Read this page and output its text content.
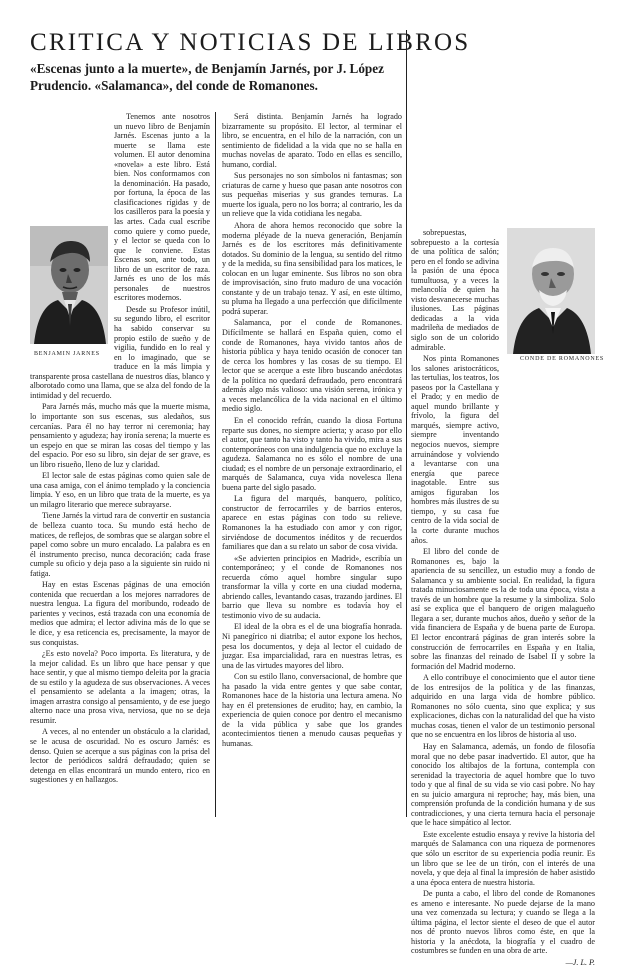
CRITICA Y NOTICIAS DE LIBROS
«Escenas junto a la muerte», de Benjamín Jarnés, por J. López Prudencio. «Salamanca», del conde de Romanones.

Tenemos ante nosotros un nuevo libro de Benjamín Jarnés. Escenas junto a la muerte se llama este volumen. El autor denomina «novela» a este libro. Está bien. Nos conformamos con la denominación. Ha pasado, por fortuna, la época de las clasificaciones rígidas y de los casilleros para la poesía y las artes. Cada cual escribe como quiere y como puede, y el lector se queda con lo que le conviene. Estas Escenas son, ante todo, un libro de un escritor de raza. Jarnés es uno de los más personales de nuestros escritores modernos.

Desde su Profesor inútil, su segundo libro, el escritor ha sabido conservar su propio estilo de sueño y de vigilia, fundido en lo real y en lo imaginado, que se traduce en la más limpia y transparente prosa castellana de nuestros días, blanco y alborotado como una llama, que se alza del fondo de la intimidad y del recuerdo.

Para Jarnés más, mucho más que la muerte misma, lo importante son sus escenas, sus aledaños, sus cercanías. Para él no hay terror ni ceremonia; hay pensamiento y agudeza; hay ironía serena; la muerte es un espejo en que se miran las cosas del tiempo y las del espacio. Por eso su libro, sin dejar de ser grave, es un libro risueño, lleno de luz y claridad.

El lector sale de estas páginas como quien sale de una casa amiga, con el ánimo templado y la conciencia limpia. Y eso, en un libro que trata de la muerte, es ya un milagro literario que merece subrayarse.

Tiene Jarnés la virtud rara de convertir en sustancia de belleza cuanto toca. Su mundo está hecho de matices, de reflejos, de sombras que se alargan sobre el papel como sobre un muro encalado. La palabra es en él instrumento preciso, nunca decoración; cada frase cumple su oficio y deja paso a la siguiente sin ruido ni fatiga.

Hay en estas Escenas páginas de una emoción contenida que recuerdan a los mejores narradores de nuestra lengua. La figura del moribundo, rodeado de parientes y vecinos, está trazada con una economía de medios que admira; el lector adivina más de lo que se le dice, y esa reticencia es, precisamente, la mayor de sus conquistas.

¿Es esto novela? Poco importa. Es literatura, y de la mejor calidad. Es un libro que hace pensar y que hace sentir, y que al mismo tiempo deleita por la gracia de su estilo y la agudeza de sus observaciones. A veces el pensamiento se adelanta a la imagen; otras, la imagen arrastra consigo al pensamiento, y de ese juego alterno nace una prosa viva, nerviosa, que no se deja resumir.

A veces, al no entender un obstáculo a la claridad, se le acusa de oscuridad. No es oscuro Jarnés: es denso. Quien se acerque a sus páginas con la prisa del lector de periódicos saldrá defraudado; quien se detenga en ellas encontrará un mundo entero, rico en sugestiones y en hallazgos.

Será distinta. Benjamín Jarnés ha logrado bizarramente su propósito. El lector, al terminar el libro, se encuentra, en el hilo de la narración, con un sentimiento de fidelidad a la vida que no se halla en muchas novelas de aparato. Todo en ellas es sencillo, humano, cordial.

Sus personajes no son símbolos ni fantasmas; son criaturas de carne y hueso que pasan ante nosotros con sus pequeñas miserias y sus grandes ternuras. La muerte los iguala, pero no los borra; al contrario, les da un relieve que la vida cotidiana les negaba.

Ahora de ahora hemos reconocido que sobre la moderna pléyade de la nueva generación, Benjamín Jarnés es de los escritores más definitivamente dotados. Su dominio de la lengua, su sentido del ritmo y de la medida, su fina sensibilidad para los matices, le colocan en un lugar eminente. Sus libros no son obra de improvisación, sino fruto maduro de una vocación constante y de un trabajo tenaz. Y así, en este último, su pluma ha llegado a una perfección que difícilmente podrá superar.

Salamanca, por el conde de Romanones. Difícilmente se hallará en España quien, como el conde de Romanones, haya vivido tantos años de historia pública y haya tenido ocasión de conocer tan de cerca los hombres y las cosas de su tiempo. El lector que se acerque a este libro buscando anécdotas de la política no quedará defraudado, pero encontrará además algo más valioso: una visión serena, irónica y a veces melancólica de la vida nacional en el último medio siglo.

En el conocido refrán, cuando la diosa Fortuna reparte sus dones, no siempre acierta; y acaso por ello el autor, que tanto ha visto y tanto ha vivido, mira a sus contemporáneos con una indulgencia que no excluye la agudeza. Salamanca no es sólo el nombre de una ciudad; es el nombre de un personaje extraordinario, el marqués de Salamanca, cuya vida novelesca llena buena parte del siglo pasado.

La figura del marqués, banquero, político, constructor de ferrocarriles y de barrios enteros, aparece en estas páginas con todo su relieve. Romanones la ha estudiado con amor y con rigor, sirviéndose de documentos inéditos y de recuerdos familiares que dan a su relato un sabor de cosa vivida.

«Se advierten principios en Madrid», escribía un contemporáneo; y el conde de Romanones nos recuerda cómo aquel hombre singular supo transformar la villa y corte en una ciudad moderna, abriendo calles, levantando casas, trazando jardines. El barrio que lleva su nombre es todavía hoy el testimonio vivo de su audacia.

El ideal de la obra es el de una biografía honrada. Ni panegírico ni diatriba; el autor expone los hechos, pesa los documentos, y deja al lector el cuidado de juzgar. Esa imparcialidad, rara en nuestras letras, es una de las virtudes mayores del libro.

Con su estilo llano, conversacional, de hombre que ha pasado la vida entre gentes y que sabe contar, Romanones hace de la historia una lectura amena. No hay en él pretensiones de erudito; hay, en cambio, la experiencia de quien conoce por dentro el mecanismo de la vida pública y sabe que los grandes acontecimientos tienen a menudo causas pequeñas y humanas.

sobrepuestas, sobrepuesto a la cortesía de una política de salón; pero en el fondo se adivina la pasión de una época tumultuosa, y a veces la melancolía de quien ha visto desvanecerse muchas ilusiones. Las páginas dedicadas a la vida madrileña de mediados de siglo son de un colorido admirable.

Nos pinta Romanones los salones aristocráticos, las tertulias, los teatros, los paseos por la Castellana y el Prado; y en medio de aquel mundo brillante y frívolo, la figura del marqués, siempre activo, siempre inventando negocios nuevos, siempre arruinándose y volviendo a levantarse con una energía que parece inagotable. Entre sus amigos figuraban los hombres más ilustres de su tiempo, y su casa fue centro de la vida social de la corte durante muchos años.

El libro del conde de Romanones es, bajo la apariencia de su sencillez, un estudio muy a fondo de Salamanca y su ambiente social. En realidad, la figura tratada minuciosamente es la de toda una época, vista a través de un hombre que la resume y la simboliza. Solo así se explica que el banquero de origen malagueño llegara a ser, durante muchos años, dueño y señor de la vida financiera de España y de buena parte de Europa. El lector encontrará páginas de gran interés sobre la construcción de ferrocarriles en España y en Italia, sobre las finanzas del reinado de Isabel II y sobre la formación del Madrid moderno.

A ello contribuye el conocimiento que el autor tiene de los entresijos de la política y de las finanzas, adquirido en una larga vida de hombre público. Romanones no sólo cuenta, sino que explica; y sus explicaciones, dichas con la naturalidad del que ha visto muchas cosas, tienen el valor de un testimonio personal que no se encuentra en los libros de historia al uso.

Hay en Salamanca, además, un fondo de filosofía moral que no debe pasar inadvertido. El autor, que ha conocido los altibajos de la fortuna, contempla con serenidad la trayectoria de aquel hombre que lo tuvo todo y que al final de su vida se vio casi pobre. No hay en su juicio amargura ni reproche; hay, más bien, una comprensión profunda de la condición humana y de sus contradicciones, y una cierta ternura hacia el personaje que le hace simpático al lector.

Este excelente estudio ensaya y revive la historia del marqués de Salamanca con una riqueza de pormenores que sólo un escritor de su experiencia podía reunir. Es un libro que se lee de un tirón, con el interés de una novela, y que deja al final la impresión de haber asistido a una época entera de nuestra historia.

De punta a cabo, el libro del conde de Romanones es ameno e interesante. No puede dejarse de la mano una vez comenzada su lectura; y cuando se llega a la última página, el lector siente el deseo de que el autor nos dé pronto nuevos libros como éste, en que la historia y la anécdota, la biografía y el cuadro de costumbres se funden en una obra de arte.

—J. L. P.

BENJAMIN JARNES
CONDE DE ROMANONES
